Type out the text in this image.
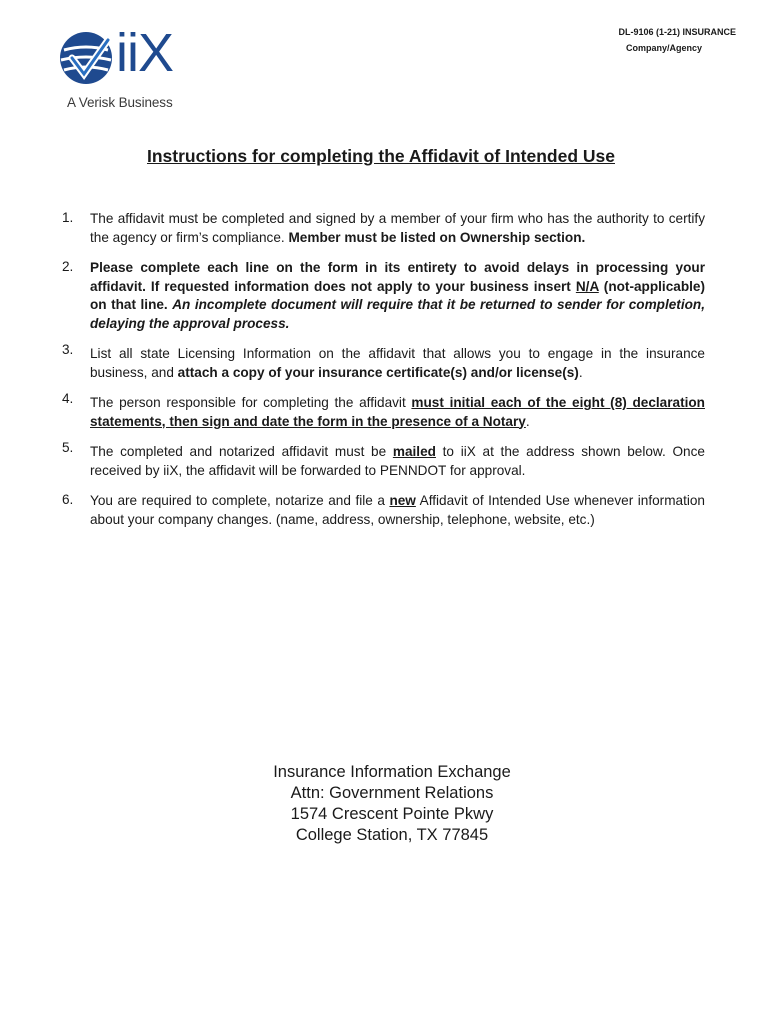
iiX
A Verisk Business
DL-9106 (1-21) INSURANCE
Company/Agency
Instructions for completing the Affidavit of Intended Use
1. The affidavit must be completed and signed by a member of your firm who has the authority to certify the agency or firm’s compliance. Member must be listed on Ownership section.
2. Please complete each line on the form in its entirety to avoid delays in processing your affidavit. If requested information does not apply to your business insert N/A (not-applicable) on that line. An incomplete document will require that it be returned to sender for completion, delaying the approval process.
3. List all state Licensing Information on the affidavit that allows you to engage in the insurance business, and attach a copy of your insurance certificate(s) and/or license(s).
4. The person responsible for completing the affidavit must initial each of the eight (8) declaration statements, then sign and date the form in the presence of a Notary.
5. The completed and notarized affidavit must be mailed to iiX at the address shown below. Once received by iiX, the affidavit will be forwarded to PENNDOT for approval.
6. You are required to complete, notarize and file a new Affidavit of Intended Use whenever information about your company changes. (name, address, ownership, telephone, website, etc.)
Insurance Information Exchange
Attn: Government Relations
1574 Crescent Pointe Pkwy
College Station, TX 77845
